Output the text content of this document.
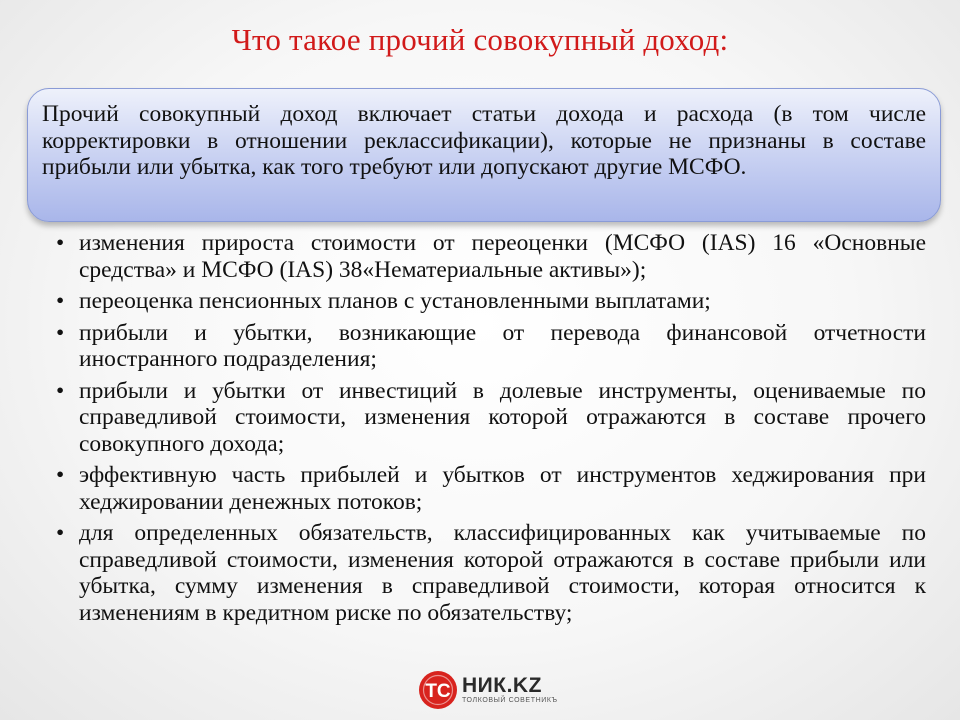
Что такое прочий совокупный доход:

Прочий совокупный доход включает статьи дохода и расхода (в том числе корректировки в отношении реклассификации), которые не признаны в составе прибыли или убытка, как того требуют или допускают другие МСФО.

• изменения прироста стоимости от переоценки (МСФО (IAS) 16 «Основные средства» и МСФО (IAS) 38«Нематериальные активы»);
• переоценка пенсионных планов с установленными выплатами;
• прибыли и убытки, возникающие от перевода финансовой отчетности иностранного подразделения;
• прибыли и убытки от инвестиций в долевые инструменты, оцениваемые по справедливой стоимости, изменения которой отражаются в составе прочего совокупного дохода;
• эффективную часть прибылей и убытков от инструментов хеджирования при хеджировании денежных потоков;
• для определенных обязательств, классифицированных как учитываемые по справедливой стоимости, изменения которой отражаются в составе прибыли или убытка, сумму изменения в справедливой стоимости, которая относится к изменениям в кредитном риске по обязательству;
ТС НИК.KZ
ТОЛКОВЫЙ СОВЕТНИКЪ
